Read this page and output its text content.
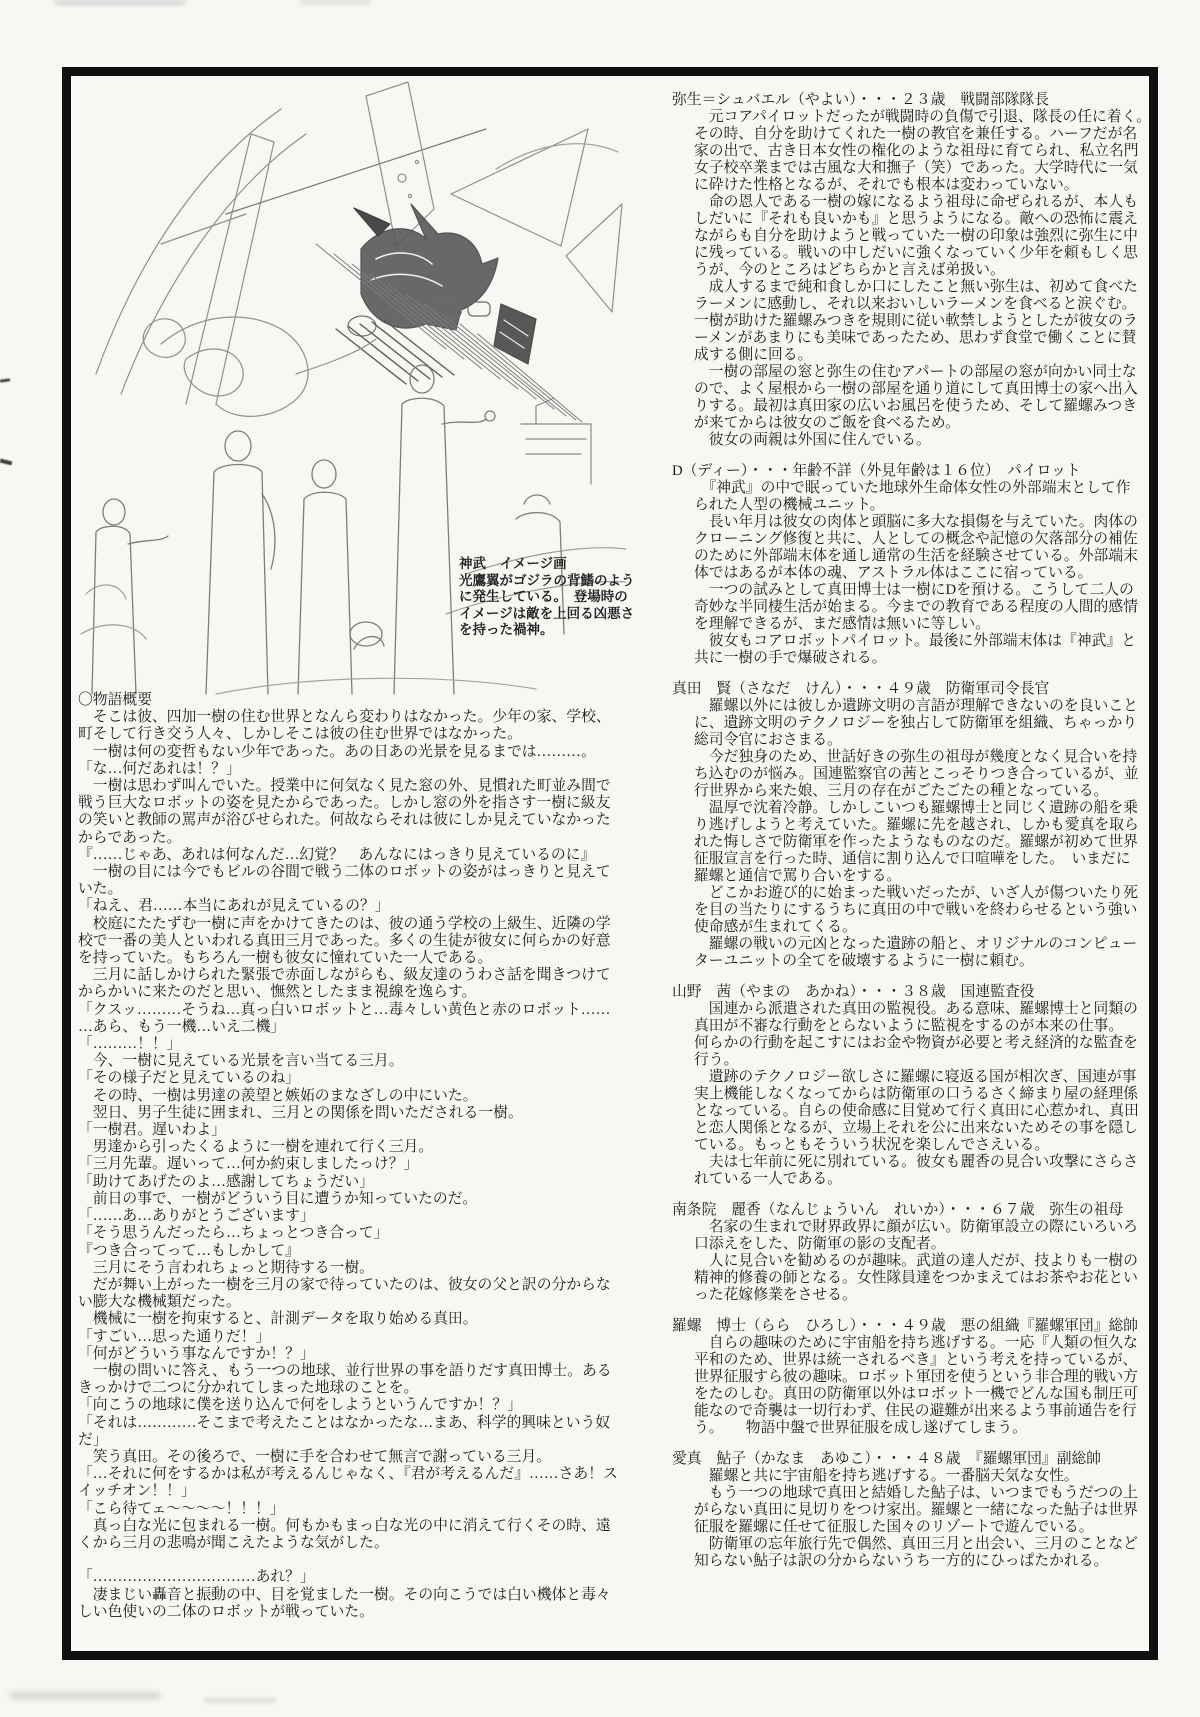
神武　イメージ画
光鷹翼がゴジラの背鰭のよう
に発生している。　登場時の
イメージは敵を上回る凶悪さ
を持った禍神。
〇物語概要
　そこは彼、四加一樹の住む世界となんら変わりはなかった。少年の家、学校、
町そして行き交う人々、しかしそこは彼の住む世界ではなかった。
　一樹は何の変哲もない少年であった。あの日あの光景を見るまでは………。
「な…何だあれは！？」
　一樹は思わず叫んでいた。授業中に何気なく見た窓の外、見慣れた町並み間で
戦う巨大なロボットの姿を見たからであった。しかし窓の外を指さす一樹に級友
の笑いと教師の罵声が浴びせられた。何故ならそれは彼にしか見えていなかった
からであった。
『……じゃあ、あれは何なんだ…幻覚？　あんなにはっきり見えているのに』
　一樹の目には今でもビルの谷間で戦う二体のロボットの姿がはっきりと見えて
いた。
「ねえ、君……本当にあれが見えているの？」
　校庭にたたずむ一樹に声をかけてきたのは、彼の通う学校の上級生、近隣の学
校で一番の美人といわれる真田三月であった。多くの生徒が彼女に何らかの好意
を持っていた。もちろん一樹も彼女に憧れていた一人である。
　三月に話しかけられた緊張で赤面しながらも、級友達のうわさ話を聞きつけて
からかいに来たのだと思い、憮然としたまま視線を逸らす。
「クスッ………そうね…真っ白いロボットと…毒々しい黄色と赤のロボット……
…あら、もう一機…いえ二機」
「………！！」
　今、一樹に見えている光景を言い当てる三月。
「その様子だと見えているのね」
　その時、一樹は男達の羨望と嫉妬のまなざしの中にいた。
　翌日、男子生徒に囲まれ、三月との関係を問いただされる一樹。
「一樹君。遅いわよ」
　男達から引ったくるように一樹を連れて行く三月。
「三月先輩。遅いって…何か約束しましたっけ？」
「助けてあげたのよ…感謝してちょうだい」
　前日の事で、一樹がどういう目に遭うか知っていたのだ。
「……あ…ありがとうございます」
「そう思うんだったら…ちょっとつき合って」
『つき合ってって…もしかして』
　三月にそう言われちょっと期待する一樹。
　だが舞い上がった一樹を三月の家で待っていたのは、彼女の父と訳の分からな
い膨大な機械類だった。
　機械に一樹を拘束すると、計測データを取り始める真田。
「すごい…思った通りだ！」
「何がどういう事なんですか！？」
　一樹の問いに答え、もう一つの地球、並行世界の事を語りだす真田博士。ある
きっかけで二つに分かれてしまった地球のことを。
「向こうの地球に僕を送り込んで何をしようというんですか！？」
「それは…………そこまで考えたことはなかったな…まあ、科学的興味という奴
だ」
　笑う真田。その後ろで、一樹に手を合わせて無言で謝っている三月。
「…それに何をするかは私が考えるんじゃなく、『君が考えるんだ』……さあ！ス
イッチオン！！」
「こら待てェ～～～～！！！」
　真っ白な光に包まれる一樹。何もかもまっ白な光の中に消えて行くその時、遠
くから三月の悲鳴が聞こえたような気がした。

「……………………………あれ？」
　凄まじい轟音と振動の中、目を覚ました一樹。その向こうでは白い機体と毒々
しい色使いの二体のロボットが戦っていた。
弥生＝シュバエル（やよい）・・・２３歳　戦闘部隊隊長
　元コアパイロットだったが戦闘時の負傷で引退、隊長の任に着く。
その時、自分を助けてくれた一樹の教官を兼任する。ハーフだが名
家の出で、古き日本女性の権化のような祖母に育てられ、私立名門
女子校卒業までは古風な大和撫子（笑）であった。大学時代に一気
に砕けた性格となるが、それでも根本は変わっていない。
　命の恩人である一樹の嫁になるよう祖母に命ぜられるが、本人も
しだいに『それも良いかも』と思うようになる。敵への恐怖に震え
ながらも自分を助けようと戦っていた一樹の印象は強烈に弥生に中
に残っている。戦いの中しだいに強くなっていく少年を頼もしく思
うが、今のところはどちらかと言えば弟扱い。
　成人するまで純和食しか口にしたこと無い弥生は、初めて食べた
ラーメンに感動し、それ以来おいしいラーメンを食べると涙ぐむ。
一樹が助けた羅螺みつきを規則に従い軟禁しようとしたが彼女のラ
ーメンがあまりにも美味であったため、思わず食堂で働くことに賛
成する側に回る。
　一樹の部屋の窓と弥生の住むアパートの部屋の窓が向かい同士な
ので、よく屋根から一樹の部屋を通り道にして真田博士の家へ出入
りする。最初は真田家の広いお風呂を使うため、そして羅螺みつき
が来てからは彼女のご飯を食べるため。
　彼女の両親は外国に住んでいる。
D（ディー）・・・年齢不詳（外見年齢は１６位）　パイロット
　『神武』の中で眠っていた地球外生命体女性の外部端末として作
られた人型の機械ユニット。
　長い年月は彼女の肉体と頭脳に多大な損傷を与えていた。肉体の
クローニング修復と共に、人としての概念や記憶の欠落部分の補佐
のために外部端末体を通し通常の生活を経験させている。外部端末
体ではあるが本体の魂、アストラル体はここに宿っている。
　一つの試みとして真田博士は一樹にDを預ける。こうして二人の
奇妙な半同棲生活が始まる。今までの教育である程度の人間的感情
を理解できるが、まだ感情は無いに等しい。
　彼女もコアロボットパイロット。最後に外部端末体は『神武』と
共に一樹の手で爆破される。
真田　賢（さなだ　けん）・・・４９歳　防衛軍司令長官
　羅螺以外には彼しか遺跡文明の言語が理解できないのを良いこと
に、遺跡文明のテクノロジーを独占して防衛軍を組織、ちゃっかり
総司令官におさまる。
　今だ独身のため、世話好きの弥生の祖母が幾度となく見合いを持
ち込むのが悩み。国連監察官の茜とこっそりつき合っているが、並
行世界から来た娘、三月の存在がごたごたの種となっている。
　温厚で沈着冷静。しかしこいつも羅螺博士と同じく遺跡の船を乗
り逃げしようと考えていた。羅螺に先を越され、しかも愛真を取ら
れた悔しさで防衛軍を作ったようなものなのだ。羅螺が初めて世界
征服宣言を行った時、通信に割り込んで口喧嘩をした。　いまだに
羅螺と通信で罵り合いをする。
　どこかお遊び的に始まった戦いだったが、いざ人が傷ついたり死
を目の当たりにするうちに真田の中で戦いを終わらせるという強い
使命感が生まれてくる。
　羅螺の戦いの元凶となった遺跡の船と、オリジナルのコンピュー
ターユニットの全てを破壊するように一樹に頼む。
山野　茜（やまの　あかね）・・・３８歳　国連監査役
　国連から派遣された真田の監視役。ある意味、羅螺博士と同類の
真田が不審な行動をとらないように監視をするのが本来の仕事。
何らかの行動を起こすにはお金や物資が必要と考え経済的な監査を
行う。
　遺跡のテクノロジー欲しさに羅螺に寝返る国が相次ぎ、国連が事
実上機能しなくなってからは防衛軍の口うるさく締まり屋の経理係
となっている。自らの使命感に目覚めて行く真田に心惹かれ、真田
と恋人関係となるが、立場上それを公に出来ないためその事を隠し
ている。もっともそういう状況を楽しんでさえいる。
　夫は七年前に死に別れている。彼女も麗香の見合い攻撃にさらさ
れている一人である。
南条院　麗香（なんじょういん　れいか）・・・６７歳　弥生の祖母
　名家の生まれで財界政界に顔が広い。防衛軍設立の際にいろいろ
口添えをした、防衛軍の影の支配者。
　人に見合いを勧めるのが趣味。武道の達人だが、技よりも一樹の
精神的修養の師となる。女性隊員達をつかまえてはお茶やお花とい
った花嫁修業をさせる。
羅螺　博士（らら　ひろし）・・・４９歳　悪の組織『羅螺軍団』総帥
　自らの趣味のために宇宙船を持ち逃げする。一応『人類の恒久な
平和のため、世界は統一されるべき』という考えを持っているが、
世界征服すら彼の趣味。ロボット軍団を使うという非合理的戦い方
をたのしむ。真田の防衛軍以外はロボット一機でどんな国も制圧可
能なので奇襲は一切行わず、住民の避難が出来るよう事前通告を行
う。　　物語中盤で世界征服を成し遂げてしまう。
愛真　鮎子（かなま　あゆこ）・・・４８歳　『羅螺軍団』副総帥
　羅螺と共に宇宙船を持ち逃げする。一番脳天気な女性。
　もう一つの地球で真田と結婚した鮎子は、いつまでもうだつの上
がらない真田に見切りをつけ家出。羅螺と一緒になった鮎子は世界
征服を羅螺に任せて征服した国々のリゾートで遊んでいる。
　防衛軍の忘年旅行先で偶然、真田三月と出会い、三月のことなど
知らない鮎子は訳の分からないうち一方的にひっぱたかれる。
